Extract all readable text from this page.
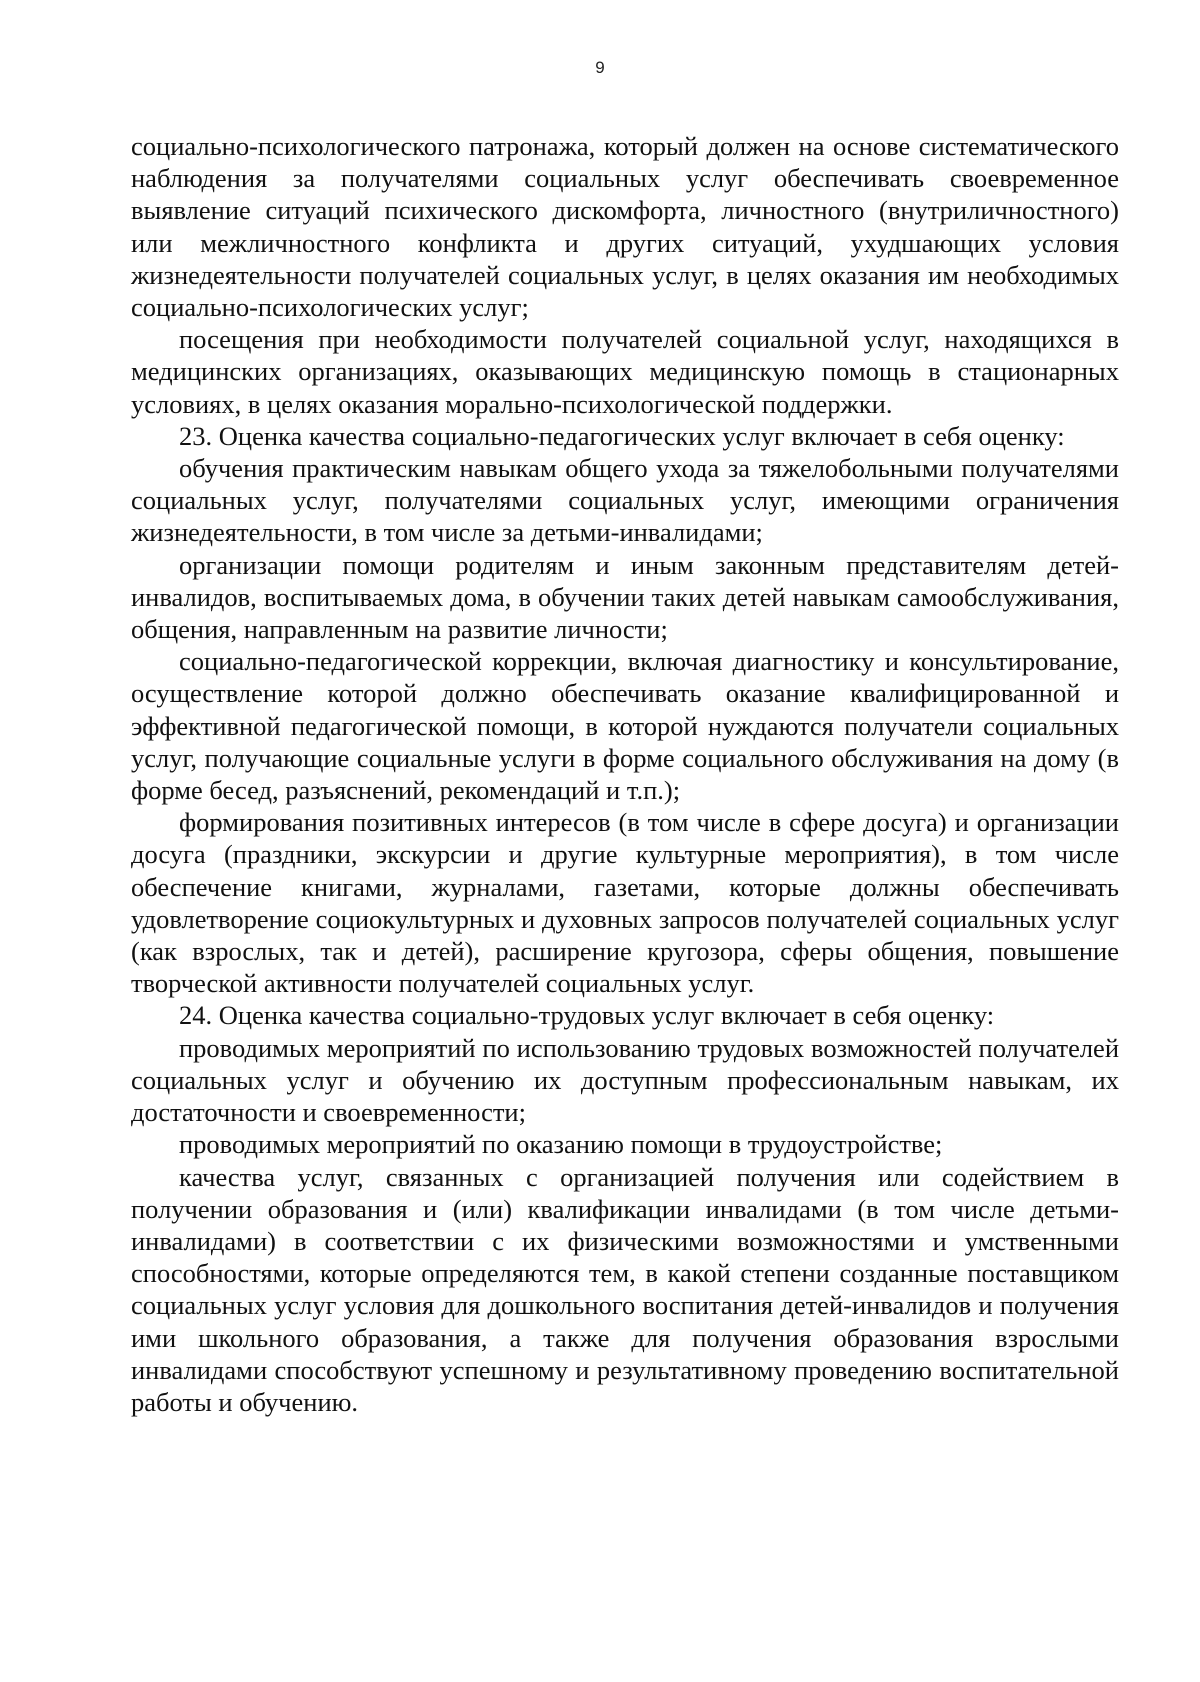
9

социально-психологического патронажа, который должен на основе систематического наблюдения за получателями социальных услуг обеспечивать своевременное выявление ситуаций психического дискомфорта, личностного (внутриличностного) или межличностного конфликта и других ситуаций, ухудшающих условия жизнедеятельности получателей социальных услуг, в целях оказания им необходимых социально-психологических услуг;

посещения при необходимости получателей социальной услуг, находящихся в медицинских организациях, оказывающих медицинскую помощь в стационарных условиях, в целях оказания морально-психологической поддержки.

23. Оценка качества социально-педагогических услуг включает в себя оценку:

обучения практическим навыкам общего ухода за тяжелобольными получателями социальных услуг, получателями социальных услуг, имеющими ограничения жизнедеятельности, в том числе за детьми-инвалидами;

организации помощи родителям и иным законным представителям детей-инвалидов, воспитываемых дома, в обучении таких детей навыкам самообслуживания, общения, направленным на развитие личности;

социально-педагогической коррекции, включая диагностику и консультирование, осуществление которой должно обеспечивать оказание квалифицированной и эффективной педагогической помощи, в которой нуждаются получатели социальных услуг, получающие социальные услуги в форме социального обслуживания на дому (в форме бесед, разъяснений, рекомендаций и т.п.);

формирования позитивных интересов (в том числе в сфере досуга) и организации досуга (праздники, экскурсии и другие культурные мероприятия), в том числе обеспечение книгами, журналами, газетами, которые должны обеспечивать удовлетворение социокультурных и духовных запросов получателей социальных услуг (как взрослых, так и детей), расширение кругозора, сферы общения, повышение творческой активности получателей социальных услуг.

24. Оценка качества социально-трудовых услуг включает в себя оценку:

проводимых мероприятий по использованию трудовых возможностей получателей социальных услуг и обучению их доступным профессиональным навыкам, их достаточности и своевременности;

проводимых мероприятий по оказанию помощи в трудоустройстве;

качества услуг, связанных с организацией получения или содействием в получении образования и (или) квалификации инвалидами (в том числе детьми-инвалидами) в соответствии с их физическими возможностями и умственными способностями, которые определяются тем, в какой степени созданные поставщиком социальных услуг условия для дошкольного воспитания детей-инвалидов и получения ими школьного образования, а также для получения образования взрослыми инвалидами способствуют успешному и результативному проведению воспитательной работы и обучению.
